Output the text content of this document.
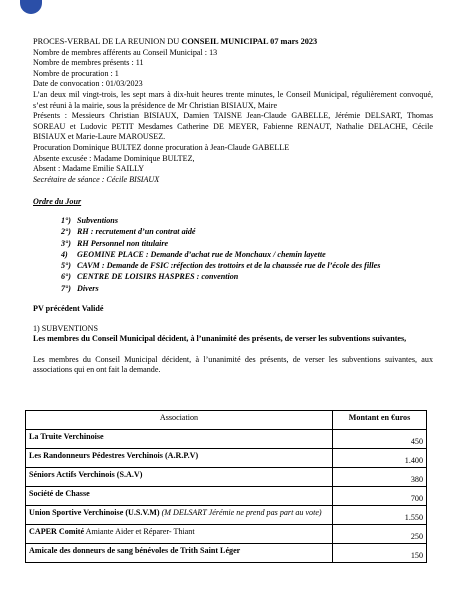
PROCES-VERBAL DE LA REUNION DU CONSEIL MUNICIPAL 07 mars 2023
Nombre de membres afférents au Conseil Municipal : 13
Nombre de membres présents : 11
Nombre de procuration : 1
Date de convocation : 01/03/2023
L’an deux mil vingt-trois, les sept mars à dix-huit heures trente minutes, le Conseil Municipal, régulièrement convoqué, s’est réuni à la mairie, sous la présidence de Mr Christian BISIAUX, Maire
Présents : Messieurs Christian BISIAUX, Damien TAISNE Jean-Claude GABELLE, Jérémie DELSART, Thomas SOREAU et Ludovic PETIT Mesdames Catherine DE MEYER, Fabienne RENAUT, Nathalie DELACHE, Cécile BISIAUX et Marie-Laure MAROUSEZ.
Procuration Dominique BULTEZ donne procuration à Jean-Claude GABELLE
Absente excusée : Madame Dominique BULTEZ,
Absent : Madame Emilie SAILLY
Secrétaire de séance : Cécile BISIAUX
Ordre du Jour
1°) Subventions
2°) RH : recrutement d’un contrat aidé
3°) RH Personnel non titulaire
4) GEOMINE PLACE : Demande d’achat rue de Monchaux / chemin layette
5°) CAVM : Demande de FSIC :réfection des trottoirs et de la chaussée rue de l’école des filles
6°) CENTRE DE LOISIRS HASPRES : convention
7°) Divers
PV précédent Validé
1) SUBVENTIONS
Les membres du Conseil Municipal décident, à l’unanimité des présents, de verser les subventions suivantes,
Les membres du Conseil Municipal décident, à l’unanimité des présents, de verser les subventions suivantes, aux associations qui en ont fait la demande.
Association	Montant en €uros
La Truite Verchinoise	450
Les Randonneurs Pédestres Verchinois (A.R.P.V)	1.400
Séniors Actifs Verchinois (S.A.V)	380
Société de Chasse	700
Union Sportive Verchinoise (U.S.V.M) (M DELSART Jérémie ne prend pas part au vote)	1.550
CAPER Comité Amiante Aider et Réparer- Thiant	250
Amicale des donneurs de sang bénévoles de Trith Saint Léger	150
